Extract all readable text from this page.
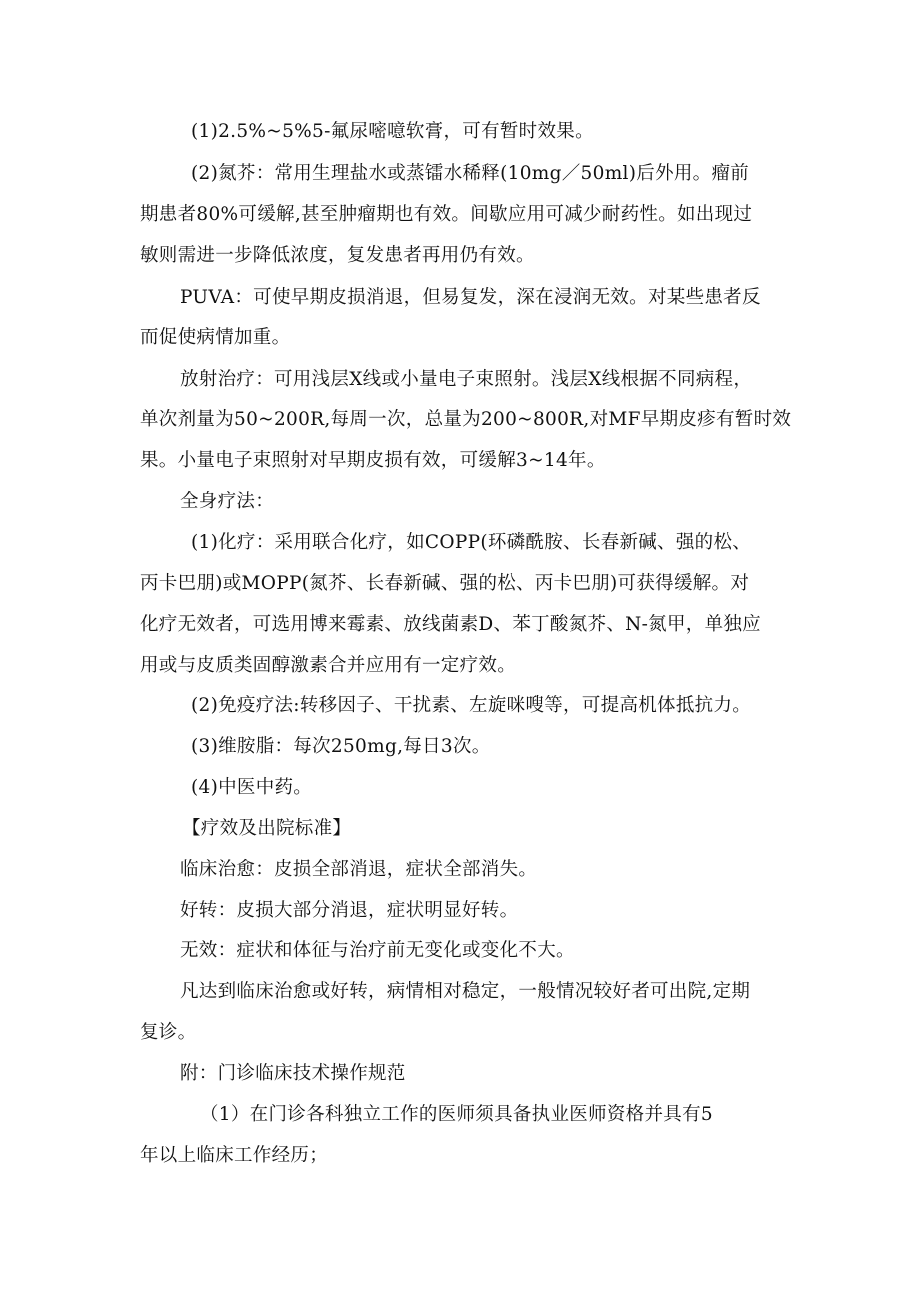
(1)2.5%~5%5-氟尿嘧噫软膏，可有暂时效果。
(2)氮芥：常用生理盐水或蒸镭水稀释(10mg／50ml)后外用。瘤前
期患者80%可缓解,甚至肿瘤期也有效。间歇应用可减少耐药性。如出现过
敏则需进一步降低浓度，复发患者再用仍有效。
PUVA：可使早期皮损消退，但易复发，深在浸润无效。对某些患者反
而促使病情加重。
放射治疗：可用浅层X线或小量电子束照射。浅层X线根据不同病程，
单次剂量为50~200R,每周一次，总量为200~800R,对MF早期皮疹有暂时效
果。小量电子束照射对早期皮损有效，可缓解3~14年。
全身疗法：
(1)化疗：采用联合化疗，如COPP(环磷酰胺、长春新碱、强的松、
丙卡巴朋)或MOPP(氮芥、长春新碱、强的松、丙卡巴朋)可获得缓解。对
化疗无效者，可选用博来霉素、放线菌素D、苯丁酸氮芥、N-氮甲，单独应
用或与皮质类固醇激素合并应用有一定疗效。
(2)免疫疗法:转移因子、干扰素、左旋咪嗖等，可提高机体抵抗力。
(3)维胺脂：每次250mg,每日3次。
(4)中医中药。
【疗效及出院标准】
临床治愈：皮损全部消退，症状全部消失。
好转：皮损大部分消退，症状明显好转。
无效：症状和体征与治疗前无变化或变化不大。
凡达到临床治愈或好转，病情相对稳定，一般情况较好者可出院,定期
复诊。
附：门诊临床技术操作规范
（1）在门诊各科独立工作的医师须具备执业医师资格并具有5
年以上临床工作经历；
